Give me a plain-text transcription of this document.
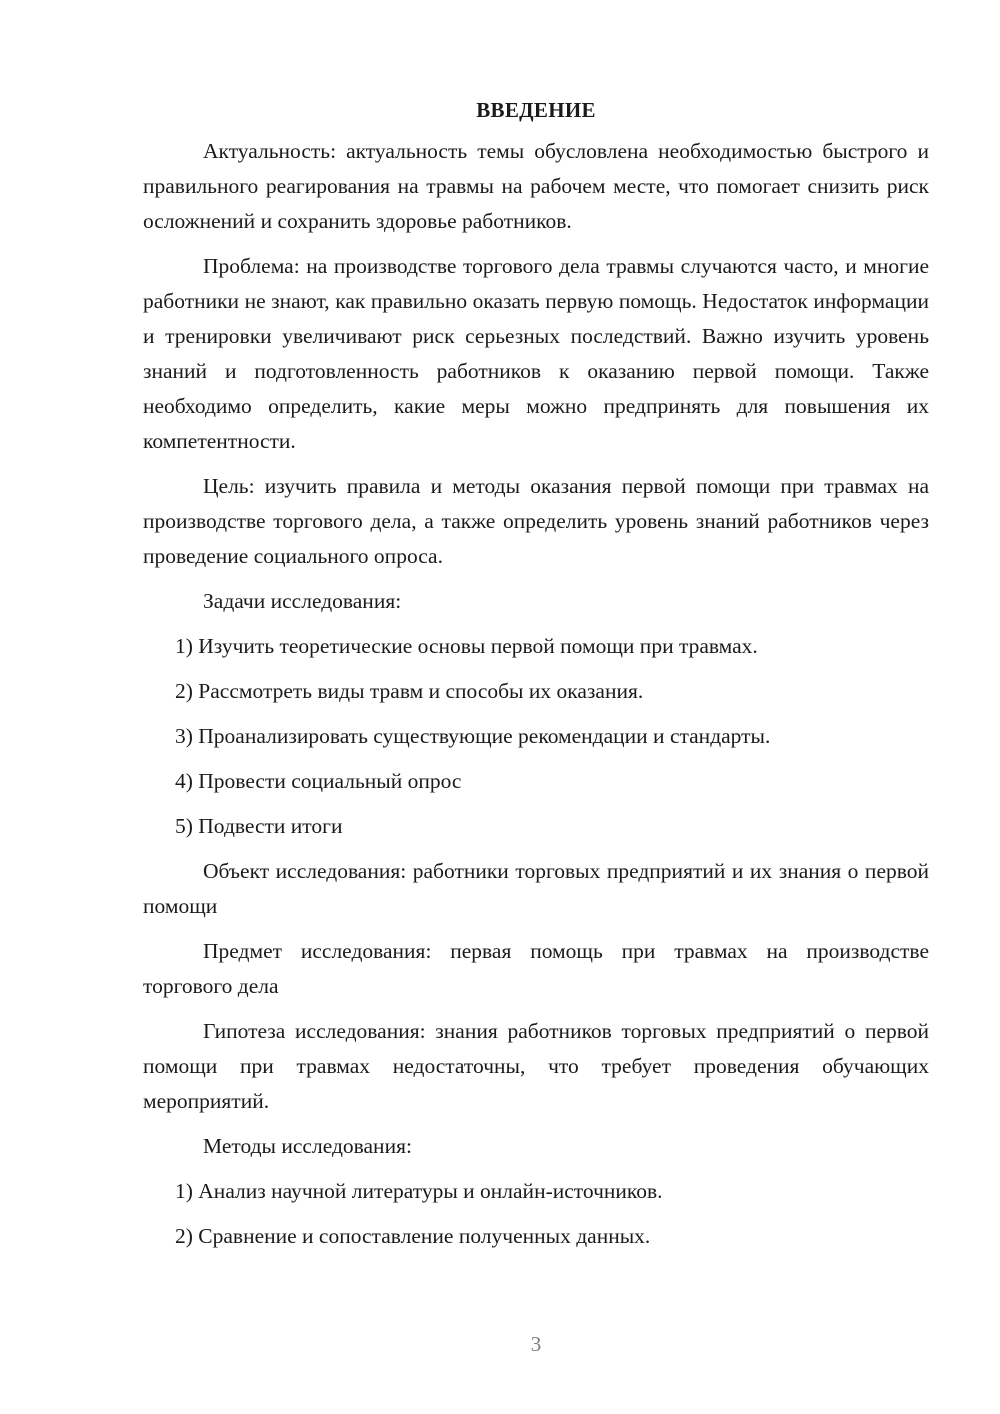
ВВЕДЕНИЕ

Актуальность: актуальность темы обусловлена необходимостью быстрого и правильного реагирования на травмы на рабочем месте, что помогает снизить риск осложнений и сохранить здоровье работников.

Проблема: на производстве торгового дела травмы случаются часто, и многие работники не знают, как правильно оказать первую помощь. Недостаток информации и тренировки увеличивают риск серьезных последствий. Важно изучить уровень знаний и подготовленность работников к оказанию первой помощи. Также необходимо определить, какие меры можно предпринять для повышения их компетентности.

Цель: изучить правила и методы оказания первой помощи при травмах на производстве торгового дела, а также определить уровень знаний работников через проведение социального опроса.

Задачи исследования:
1) Изучить теоретические основы первой помощи при травмах.
2) Рассмотреть виды травм и способы их оказания.
3) Проанализировать существующие рекомендации и стандарты.
4) Провести социальный опрос
5) Подвести итоги

Объект исследования: работники торговых предприятий и их знания о первой помощи

Предмет исследования: первая помощь при травмах на производстве торгового дела

Гипотеза исследования: знания работников торговых предприятий о первой помощи при травмах недостаточны, что требует проведения обучающих мероприятий.

Методы исследования:
1) Анализ научной литературы и онлайн-источников.
2) Сравнение и сопоставление полученных данных.
3
